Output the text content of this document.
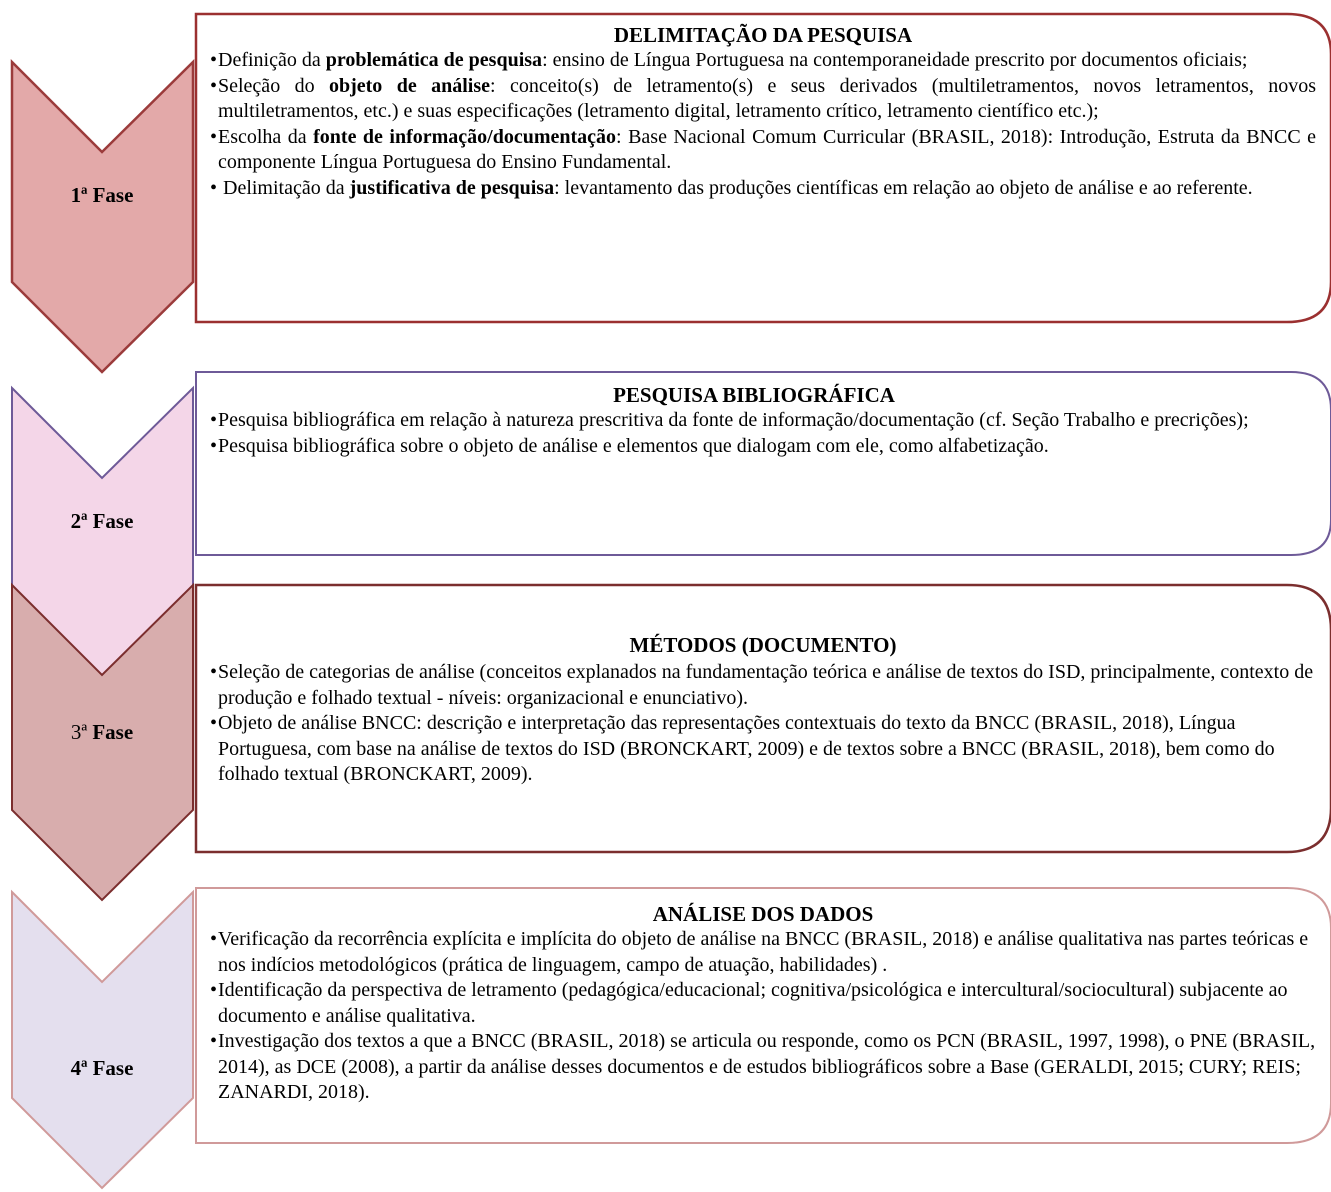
1ª Fase
2ª Fase
3ª Fase
4ª Fase

DELIMITAÇÃO DA PESQUISA

•Definição da problemática de pesquisa: ensino de Língua Portuguesa na contemporaneidade prescrito por documentos oficiais;
•Seleção do objeto de análise: conceito(s) de letramento(s) e seus derivados (multiletramentos, novos letramentos, novos multiletramentos, etc.) e suas especificações (letramento digital, letramento crítico, letramento científico etc.);
•Escolha da fonte de informação/documentação: Base Nacional Comum Curricular (BRASIL, 2018): Introdução, Estruta da BNCC e componente Língua Portuguesa do Ensino Fundamental.
• Delimitação da justificativa de pesquisa: levantamento das produções científicas em relação ao objeto de análise e ao referente.

PESQUISA BIBLIOGRÁFICA

•Pesquisa bibliográfica em relação à natureza prescritiva da fonte de informação/documentação (cf. Seção Trabalho e precrições);
•Pesquisa bibliográfica sobre o objeto de análise e elementos que dialogam com ele, como alfabetização.

MÉTODOS (DOCUMENTO)

•Seleção de categorias de análise (conceitos explanados na fundamentação teórica e análise de textos do ISD, principalmente, contexto de produção e folhado textual - níveis: organizacional e enunciativo).
•Objeto de análise BNCC: descrição e interpretação das representações contextuais do texto da BNCC (BRASIL, 2018), Língua Portuguesa, com base na análise de textos do ISD (BRONCKART, 2009) e de textos sobre a BNCC (BRASIL, 2018), bem como do folhado textual (BRONCKART, 2009).

ANÁLISE DOS DADOS

•Verificação da recorrência explícita e implícita do objeto de análise na BNCC (BRASIL, 2018) e análise qualitativa nas partes teóricas e nos indícios metodológicos (prática de linguagem, campo de atuação, habilidades) .
•Identificação da perspectiva de letramento (pedagógica/educacional; cognitiva/psicológica e intercultural/sociocultural) subjacente ao documento e análise qualitativa.
•Investigação dos textos a que a BNCC (BRASIL, 2018) se articula ou responde, como os PCN (BRASIL, 1997, 1998), o PNE (BRASIL, 2014), as DCE (2008), a partir da análise desses documentos e de estudos bibliográficos sobre a Base (GERALDI, 2015; CURY; REIS; ZANARDI, 2018).
